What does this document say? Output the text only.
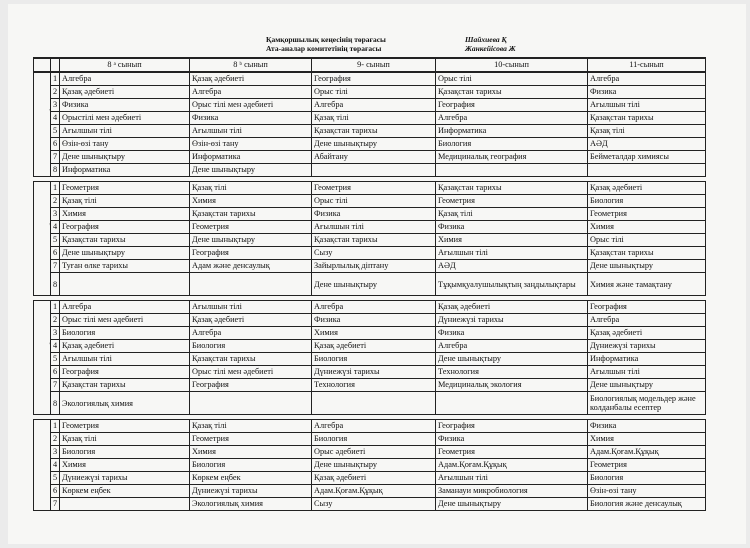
Қамқоршылық кеңесінің төрағасы
Ата-аналар комитетінің төрағасы
Шайхиева Қ
Жанкейісова Ж
		8 ᵃ сынып	8 ᵇ сынып	9- сынып	10-сынып	11-сынып
	1	Алгебра	Қазақ әдебиеті	География	Орыс тілі	Алгебра
	2	Қазақ әдебиеті	Алгебра	Орыс тілі	Қазақстан тарихы	Физика
	3	Физика	Орыс тілі мен әдебиеті	Алгебра	География	Ағылшын тілі
	4	Орыстілі мен әдебиеті	Физика	Қазақ тілі	Алгебра	Қазақстан тарихы
	5	Ағылшын тілі	Ағылшын тілі	Қазақстан тарихы	Информатика	Қазақ тілі
	6	Өзін-өзі тану	Өзін-өзі тану	Дене шынықтыру	Биология	АӘД
	7	Дене шынықтыру	Информатика	Абайтану	Медициналық география	Бейметалдар химиясы
	8	Информатика	Дене шынықтыру			

Сейсенбі	1	Геометрия	Қазақ тілі	Геометрия	Қазақстан тарихы	Қазақ әдебиеті
	2	Қазақ тілі	Химия	Орыс тілі	Геометрия	Биология
	3	Химия	Қазақстан тарихы	Физика	Қазақ тілі	Геометрия
	4	География	Геометрия	Ағылшын тілі	Физика	Химия
	5	Қазақстан тарихы	Дене шынықтыру	Қазақстан тарихы	Химия	Орыс тілі
	6	Дене шынықтыру	География	Сызу	Ағылшын тілі	Қазақстан тарихы
	7	Туған өлке тарихы	Адам және денсаулық	Зайырлылық діптану	АӘД	Дене шынықтыру
	8			Дене шынықтыру	Тұқымқуалушылықтың заңдылықтары	Химия және тамақтану

Сәрсенбі	1	Алгебра	Ағылшын тілі	Алгебра	Қазақ әдебиеті	География
	2	Орыс тілі мен әдебиеті	Қазақ әдебиеті	Физика	Дүниежүзі тарихы	Алгебра
	3	Биология	Алгебра	Химия	Физика	Қазақ әдебиеті
	4	Қазақ әдебиеті	Биология	Қазақ әдебиеті	Алгебра	Дүниежүзі тарихы
	5	Ағылшын тілі	Қазақстан тарихы	Биология	Дене шынықтыру	Информатика
	6	География	Орыс тілі мен әдебиеті	Дүниежүзі тарихы	Технология	Ағылшын тілі
	7	Қазақстан тарихы	География	Технология	Медициналық экология	Дене шынықтыру
	8	Экологиялық химия				Биологиялық модельдер және колданбалы есептер

	1	Геометрия	Қазақ тілі	Алгебра	География	Физика
	2	Қазақ тілі	Геометрия	Биология	Физика	Химия
	3	Биология	Химия	Орыс әдебиеті	Геометрия	Адам.Қоғам.Құқық
	4	Химия	Биология	Дене шынықтыру	Адам.Қоғам.Құқық	Геометрия
	5	Дүниежүзі тарихы	Көркем еңбек	Қазақ әдебиеті	Ағылшын тілі	Биология
	6	Көркем еңбек	Дүниежүзі тарихы	Адам.Қоғам.Құқық	Заманауи микробиология	Өзін-өзі тану
	7		Экологиялық химия	Сызу	Дене шынықтыру	Биология және денсаулық
